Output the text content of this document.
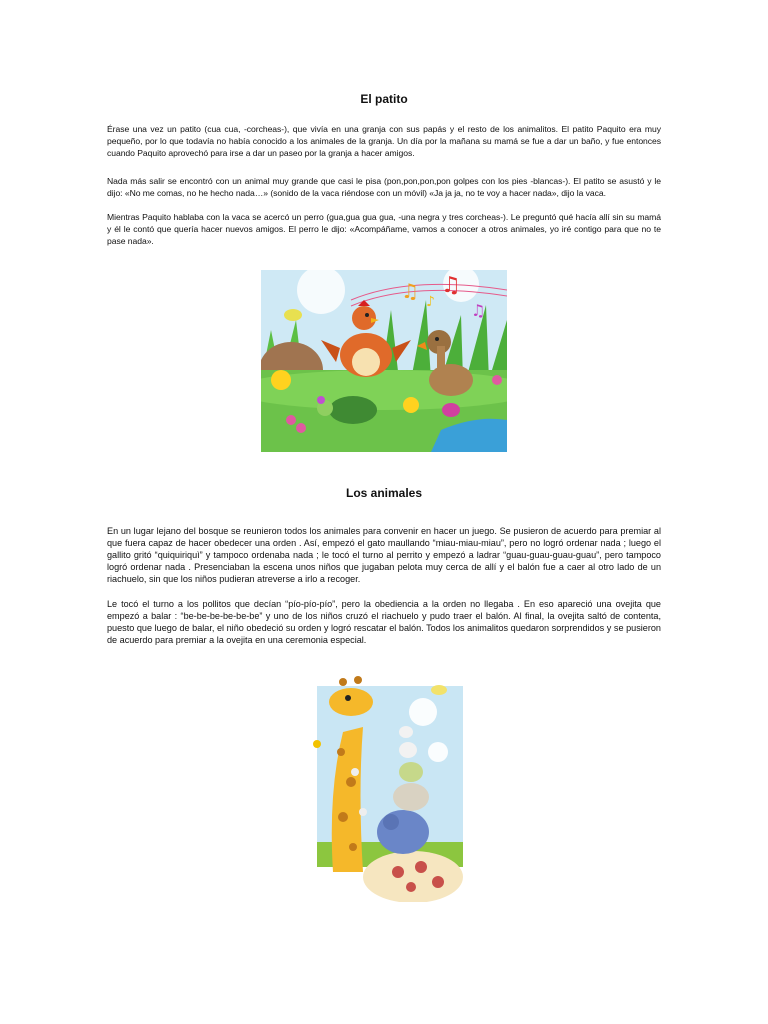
El patito

Érase una vez un patito (cua cua, -corcheas-), que vivía en una granja con sus papás y el resto de los animalitos. El patito Paquito era muy pequeño, por lo que todavía no había conocido a los animales de la granja. Un día por la mañana su mamá se fue a dar un baño, y fue entonces cuando Paquito aprovechó para irse a dar un paseo por la granja a hacer amigos.

Nada más salir se encontró con un animal muy grande que casi le pisa (pon,pon,pon,pon golpes con los pies -blancas-). El patito se asustó y le dijo: «No me comas, no he hecho nada…» (sonido de la vaca riéndose con un móvil) «Ja ja ja, no te voy a hacer nada», dijo la vaca.

Mientras Paquito hablaba con la vaca se acercó un perro (gua,gua gua gua, -una negra y tres corcheas-). Le preguntó qué hacía allí sin su mamá y él le contó que quería hacer nuevos amigos. El perro le dijo: «Acompáñame, vamos a conocer a otros animales, yo iré contigo para que no te pase nada».

♫ ♫
♪ ♫
Los animales

En un lugar lejano del bosque se reunieron todos los animales para convenir en hacer un juego. Se pusieron de acuerdo para premiar al que fuera capaz de hacer obedecer una orden . Así, empezó el gato maullando “miau-miau-miau”, pero no logró ordenar nada ; luego el gallito gritó “quiquiriquì” y tampoco ordenaba nada ; le tocó el turno al perrito y empezó a ladrar “guau-guau-guau-guau”, pero tampoco logró ordenar nada . Presenciaban la escena unos niños que jugaban pelota muy cerca de allí y el balón fue a caer al otro lado de un riachuelo, sin que los niños pudieran atreverse a irlo a recoger.

Le tocó el turno a los pollitos que decían “pío-pío-pío”, pero la obediencia a la orden no llegaba . En eso apareció una ovejita que empezó a balar : “be-be-be-be-be-be” y uno de los niños cruzó el riachuelo y pudo traer el balón. Al final, la ovejita saltó de contenta, puesto que luego de balar, el niño obedeció su orden y logró rescatar el balón. Todos los animalitos quedaron sorprendidos y se pusieron de acuerdo para premiar a la ovejita en una ceremonia especial.
